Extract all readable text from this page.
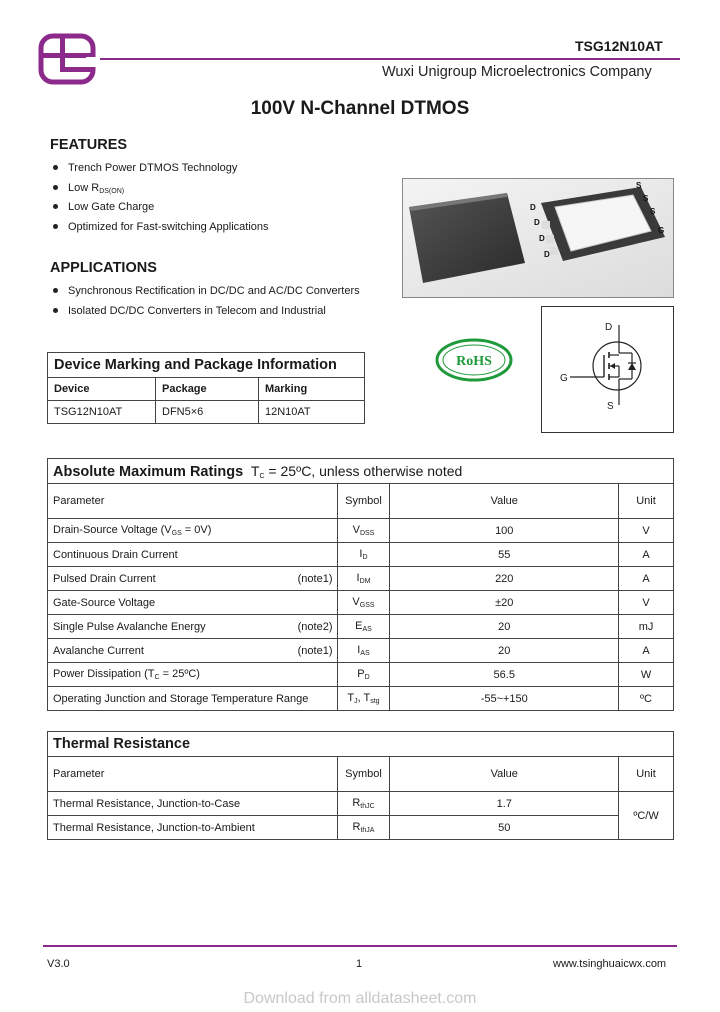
TSG12N10AT
Wuxi Unigroup Microelectronics Company
100V N-Channel DTMOS
FEATURES
Trench Power DTMOS Technology
Low $R_{DS(ON)}$
Low Gate Charge
Optimized for Fast-switching Applications
APPLICATIONS
Synchronous Rectification in DC/DC and AC/DC Converters
Isolated DC/DC Converters in Telecom and Industrial
D
D
D
D
S
S
S
G
RoHS
D
G
S
Device Marking and Package Information		
Device	Package	Marking
TSG12N10AT	DFN5×6	12N10AT
Absolute Maximum Ratings $T_C$ = 25ºC, unless otherwise noted			
Parameter	Symbol	Value	Unit
Drain-Source Voltage $(V_{GS} = 0V)$	$V_{DSS}$	100	V
Continuous Drain Current	$I_D$	55	A
Pulsed Drain Current (note1)	$I_{DM}$	220	A
Gate-Source Voltage	$V_{GSS}$	±20	V
Single Pulse Avalanche Energy (note2)	$E_{AS}$	20	mJ
Avalanche Current (note1)	$I_{AS}$	20	A
Power Dissipation ($T_C$ = 25ºC)	$P_D$	56.5	W
Operating Junction and Storage Temperature Range	$T_J$, $T_{stg}$	-55~+150	ºC
Thermal Resistance			
Parameter	Symbol	Value	Unit
Thermal Resistance, Junction-to-Case	$R_{thJC}$	1.7	ºC/W
Thermal Resistance, Junction-to-Ambient	$R_{thJA}$	50	
V3.0	1	www.tsinghuaicwx.com
Download from alldatasheet.com
